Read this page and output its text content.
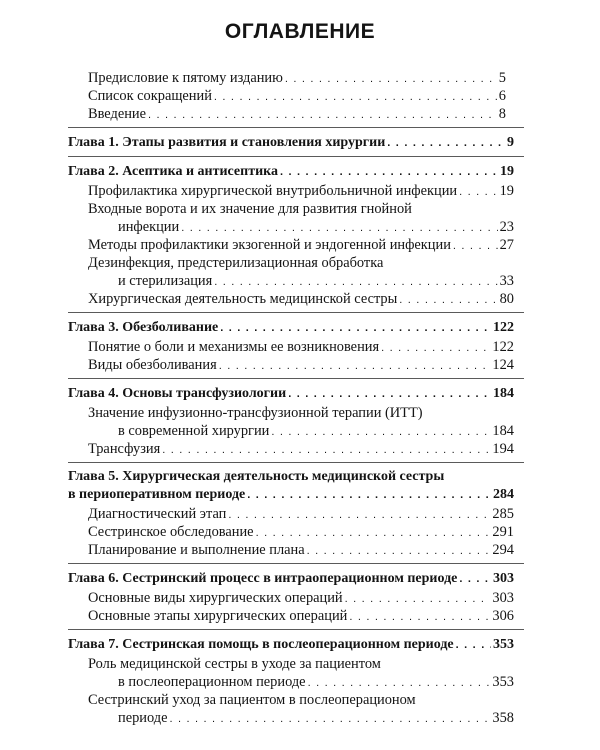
ОГЛАВЛЕНИЕ
Предисловие к пятому изданию . . .	5
Список сокращений . . .	6
Введение . . .	8
Глава 1. Этапы развития и становления хирургии . . .	9
Глава 2. Асептика и антисептика . . .	19
Профилактика хирургической внутрибольничной инфекции . . .	19
Входные ворота и их значение для развития гнойной
инфекции . . .	23
Методы профилактики экзогенной и эндогенной инфекции . . .	27
Дезинфекция, предстерилизационная обработка
и стерилизация . . .	33
Хирургическая деятельность медицинской сестры . . .	80
Глава 3. Обезболивание . . .	122
Понятие о боли и механизмы ее возникновения . . .	122
Виды обезболивания . . .	124
Глава 4. Основы трансфузиологии . . .	184
Значение инфузионно-трансфузионной терапии (ИТТ)
в современной хирургии . . .	184
Трансфузия . . .	194
Глава 5. Хирургическая деятельность медицинской сестры
в периоперативном периоде . . .	284
Диагностический этап . . .	285
Сестринское обследование . . .	291
Планирование и выполнение плана . . .	294
Глава 6. Сестринский процесс в интраоперационном периоде . . .	303
Основные виды хирургических операций . . .	303
Основные этапы хирургических операций . . .	306
Глава 7. Сестринская помощь в послеоперационном периоде . . .	353
Роль медицинской сестры в уходе за пациентом
в послеоперационном периоде . . .	353
Сестринский уход за пациентом в послеоперационом
периоде . . .	358
